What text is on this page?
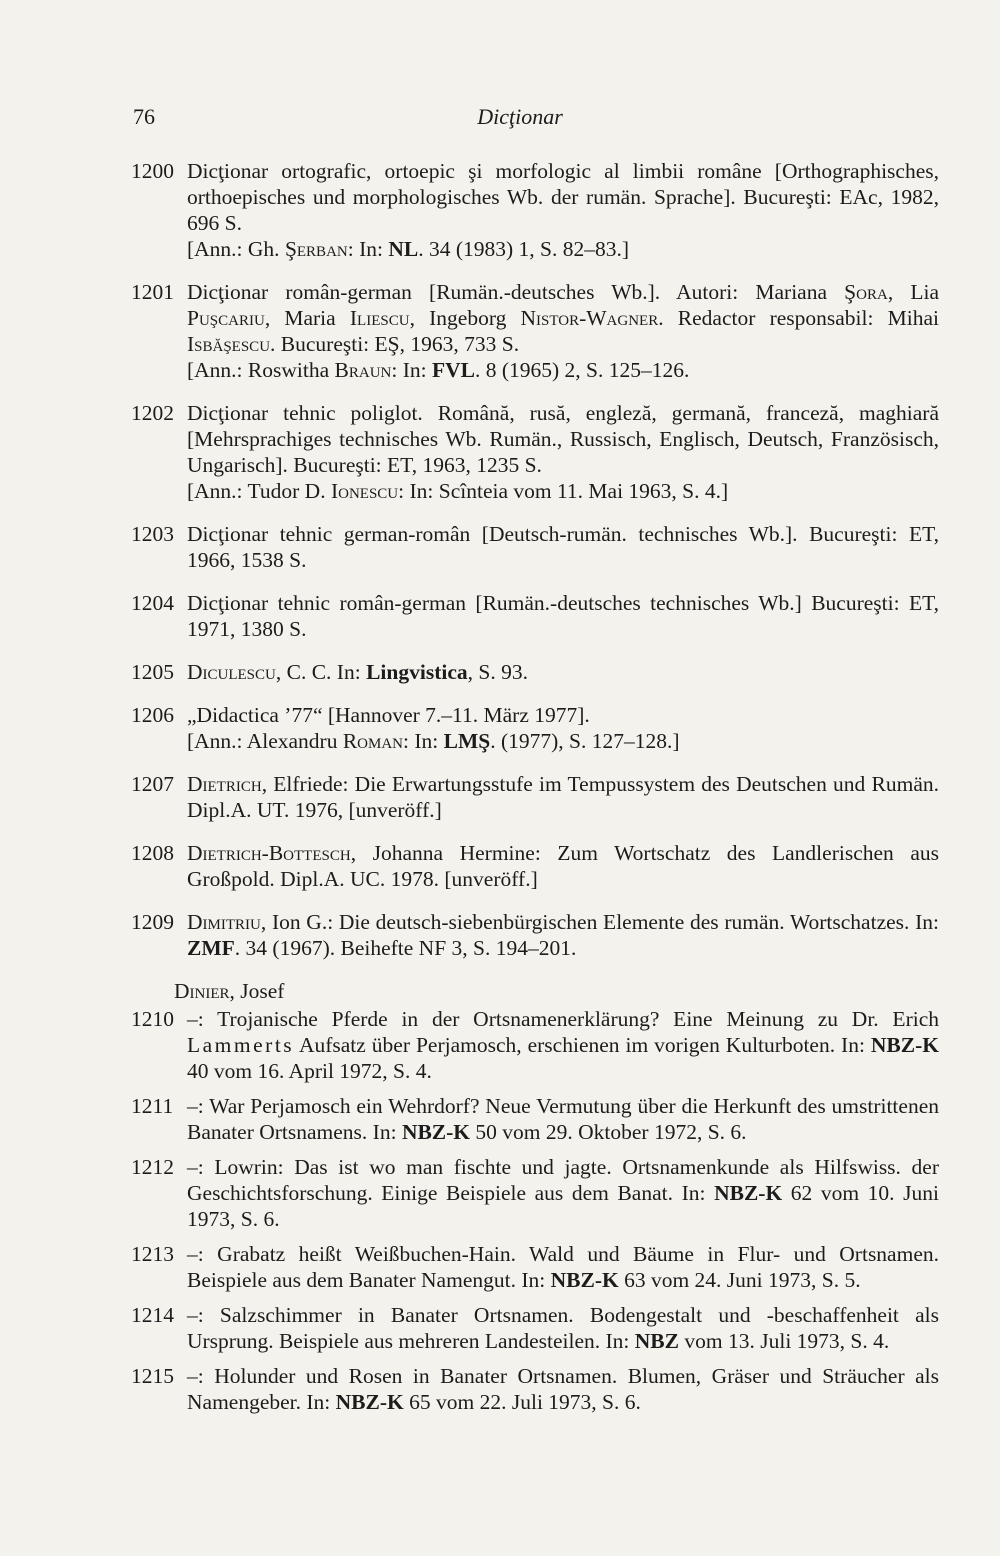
76	Dicţionar
1200 Dicţionar ortografic, ortoepic şi morfologic al limbii române [Orthographisches, orthoepisches und morphologisches Wb. der rumän. Sprache]. Bucureşti: EAc, 1982, 696 S.
[Ann.: Gh. Şerban: In: NL. 34 (1983) 1, S. 82–83.]
1201 Dicţionar român-german [Rumän.-deutsches Wb.]. Autori: Mariana Şora, Lia Puşcariu, Maria Iliescu, Ingeborg Nistor-Wagner. Redactor responsabil: Mihai Isbăşescu. Bucureşti: EŞ, 1963, 733 S.
[Ann.: Roswitha Braun: In: FVL. 8 (1965) 2, S. 125–126.
1202 Dicţionar tehnic poliglot. Română, rusă, engleză, germană, franceză, maghiară [Mehrsprachiges technisches Wb. Rumän., Russisch, Englisch, Deutsch, Französisch, Ungarisch]. Bucureşti: ET, 1963, 1235 S.
[Ann.: Tudor D. Ionescu: In: Scînteia vom 11. Mai 1963, S. 4.]
1203 Dicţionar tehnic german-român [Deutsch-rumän. technisches Wb.]. Bucureşti: ET, 1966, 1538 S.
1204 Dicţionar tehnic român-german [Rumän.-deutsches technisches Wb.] Bucureşti: ET, 1971, 1380 S.
1205 Diculescu, C. C. In: Lingvistica, S. 93.
1206 „Didactica ’77“ [Hannover 7.–11. März 1977].
[Ann.: Alexandru Roman: In: LMŞ. (1977), S. 127–128.]
1207 Dietrich, Elfriede: Die Erwartungsstufe im Tempussystem des Deutschen und Rumän. Dipl.A. UT. 1976, [unveröff.]
1208 Dietrich-Bottesch, Johanna Hermine: Zum Wortschatz des Landlerischen aus Großpold. Dipl.A. UC. 1978. [unveröff.]
1209 Dimitriu, Ion G.: Die deutsch-siebenbürgischen Elemente des rumän. Wortschatzes. In: ZMF. 34 (1967). Beihefte NF 3, S. 194–201.
Dinier, Josef
1210 –: Trojanische Pferde in der Ortsnamenerklärung? Eine Meinung zu Dr. Erich Lammerts Aufsatz über Perjamosch, erschienen im vorigen Kulturboten. In: NBZ-K 40 vom 16. April 1972, S. 4.
1211 –: War Perjamosch ein Wehrdorf? Neue Vermutung über die Herkunft des umstrittenen Banater Ortsnamens. In: NBZ-K 50 vom 29. Oktober 1972, S. 6.
1212 –: Lowrin: Das ist wo man fischte und jagte. Ortsnamenkunde als Hilfswiss. der Geschichtsforschung. Einige Beispiele aus dem Banat. In: NBZ-K 62 vom 10. Juni 1973, S. 6.
1213 –: Grabatz heißt Weißbuchen-Hain. Wald und Bäume in Flur- und Ortsnamen. Beispiele aus dem Banater Namengut. In: NBZ-K 63 vom 24. Juni 1973, S. 5.
1214 –: Salzschimmer in Banater Ortsnamen. Bodengestalt und -beschaffenheit als Ursprung. Beispiele aus mehreren Landesteilen. In: NBZ vom 13. Juli 1973, S. 4.
1215 –: Holunder und Rosen in Banater Ortsnamen. Blumen, Gräser und Sträucher als Namengeber. In: NBZ-K 65 vom 22. Juli 1973, S. 6.
